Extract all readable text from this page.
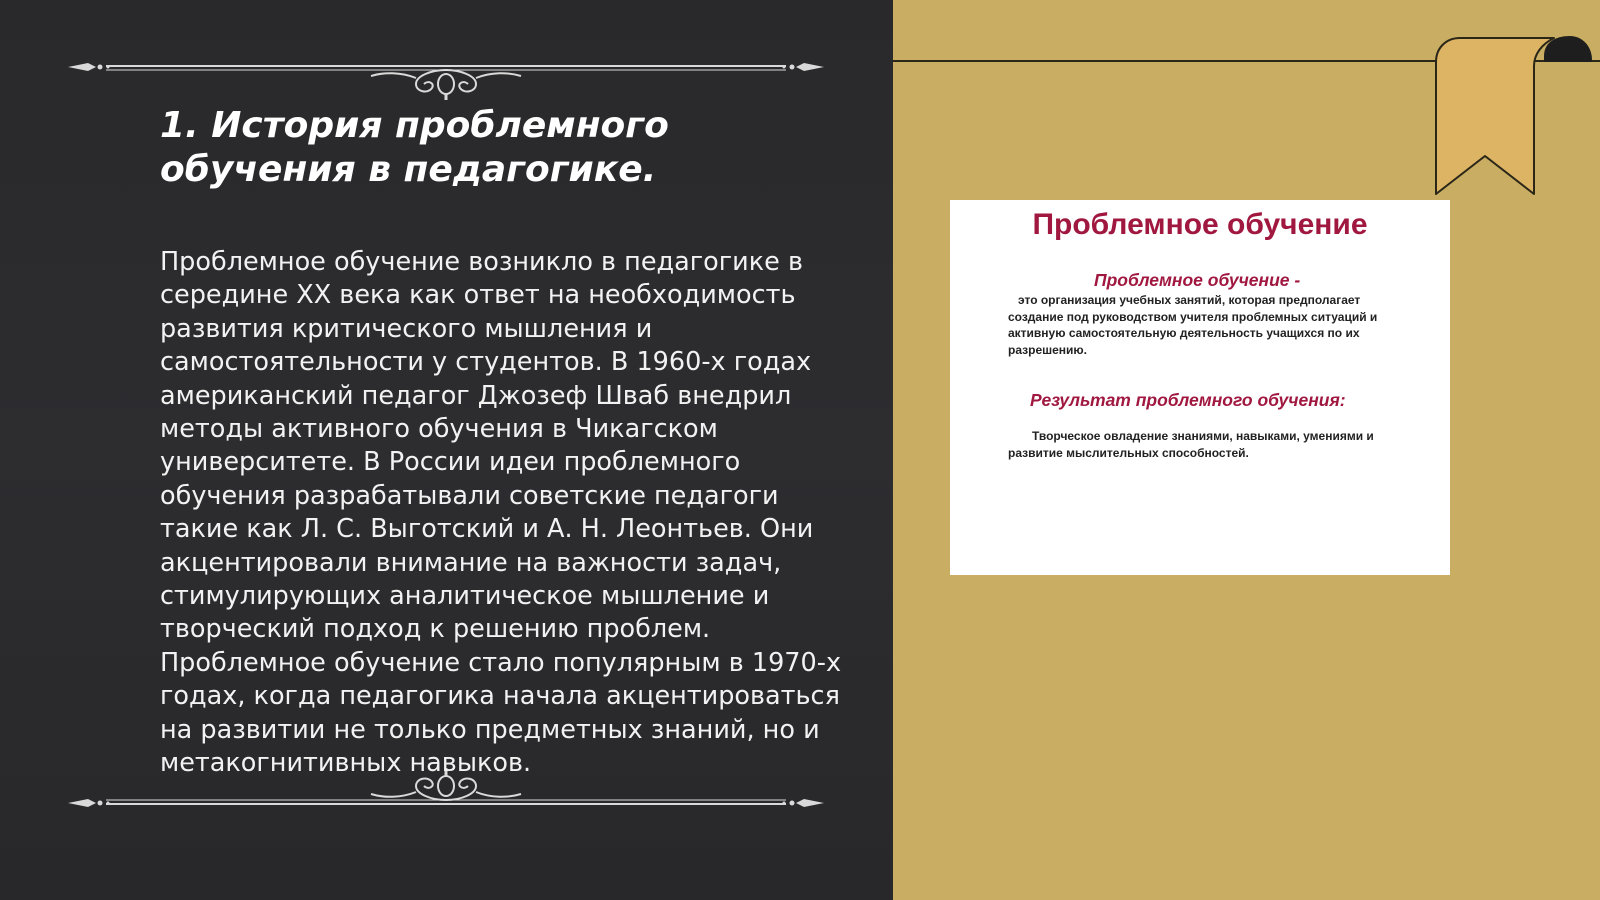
1. История проблемного обучения в педагогике.

Проблемное обучение возникло в педагогике в середине XX века как ответ на необходимость развития критического мышления и самостоятельности у студентов. В 1960-х годах американский педагог Джозеф Шваб внедрил методы активного обучения в Чикагском университете. В России идеи проблемного обучения разрабатывали советские педагоги такие как Л. С. Выготский и А. Н. Леонтьев. Они акцентировали внимание на важности задач, стимулирующих аналитическое мышление и творческий подход к решению проблем. Проблемное обучение стало популярным в 1970-х годах, когда педагогика начала акцентироваться на развитии не только предметных знаний, но и метакогнитивных навыков.

Проблемное обучение

Проблемное обучение -

это организация учебных занятий, которая предполагает создание под руководством учителя проблемных ситуаций и активную самостоятельную деятельность учащихся по их разрешению.

Результат проблемного обучения:

Творческое овладение знаниями, навыками, умениями и развитие мыслительных способностей.
